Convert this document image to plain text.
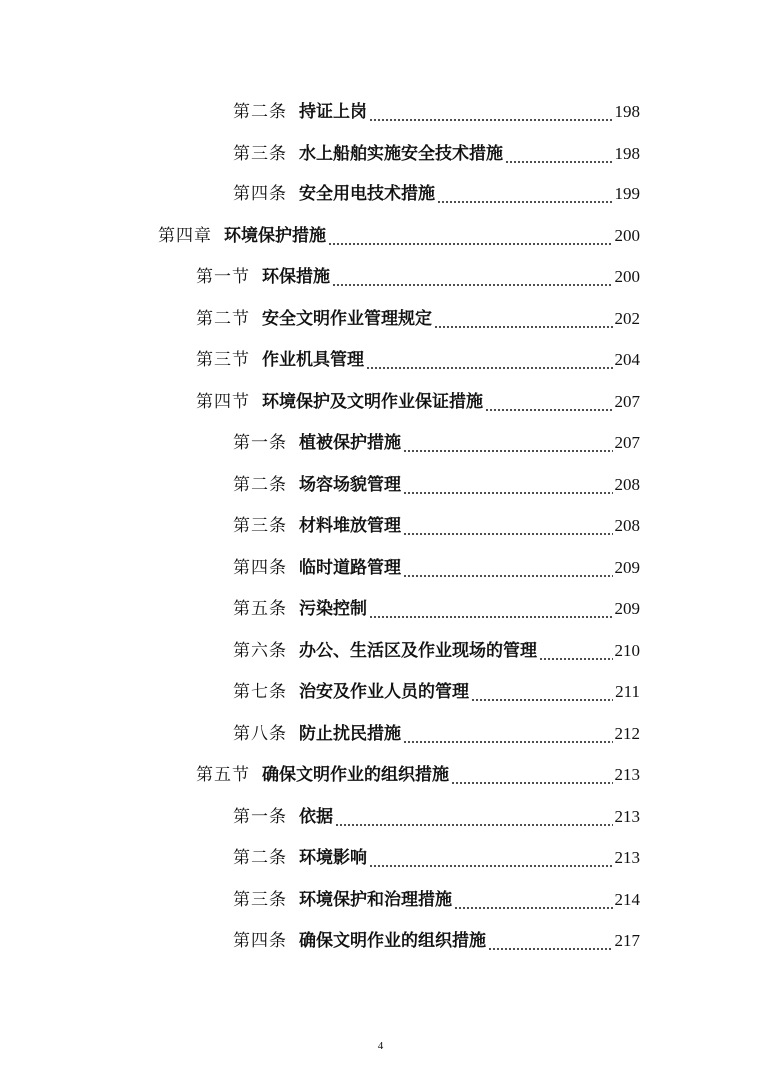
第二条 持证上岗	198
第三条 水上船舶实施安全技术措施	198
第四条 安全用电技术措施	199
第四章 环境保护措施	200
第一节 环保措施	200
第二节 安全文明作业管理规定	202
第三节 作业机具管理	204
第四节 环境保护及文明作业保证措施	207
第一条 植被保护措施	207
第二条 场容场貌管理	208
第三条 材料堆放管理	208
第四条 临时道路管理	209
第五条 污染控制	209
第六条 办公、生活区及作业现场的管理	210
第七条 治安及作业人员的管理	211
第八条 防止扰民措施	212
第五节 确保文明作业的组织措施	213
第一条 依据	213
第二条 环境影响	213
第三条 环境保护和治理措施	214
第四条 确保文明作业的组织措施	217
4
